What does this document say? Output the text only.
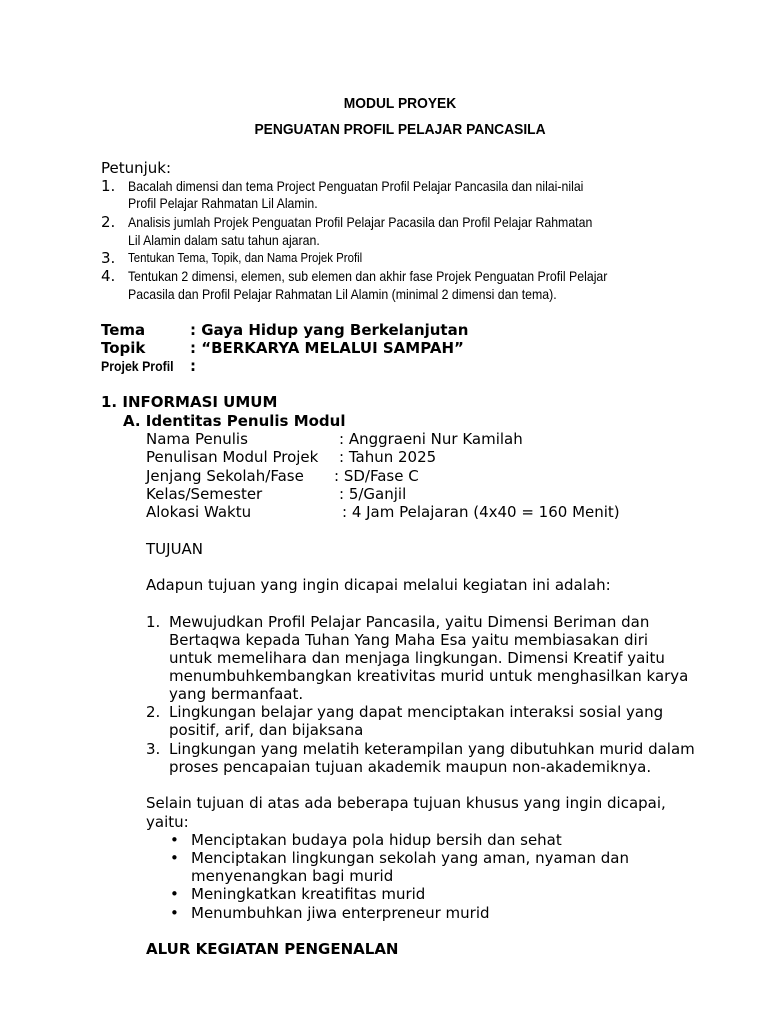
MODUL PROYEK
PENGUATAN PROFIL PELAJAR PANCASILA
Petunjuk:
1. Bacalah dimensi dan tema Project Penguatan Profil Pelajar Pancasila dan nilai-nilai
Profil Pelajar Rahmatan Lil Alamin.
2. Analisis jumlah Projek Penguatan Profil Pelajar Pacasila dan Profil Pelajar Rahmatan
Lil Alamin dalam satu tahun ajaran.
3. Tentukan Tema, Topik, dan Nama Projek Profil
4. Tentukan 2 dimensi, elemen, sub elemen dan akhir fase Projek Penguatan Profil Pelajar
Pacasila dan Profil Pelajar Rahmatan Lil Alamin (minimal 2 dimensi dan tema).
Tema	: Gaya Hidup yang Berkelanjutan
Topik	: “BERKARYA MELALUI SAMPAH”
Projek Profil :
1. INFORMASI UMUM
A. Identitas Penulis Modul
Nama Penulis	: Anggraeni Nur Kamilah
Penulisan Modul Projek : Tahun 2025
Jenjang Sekolah/Fase : SD/Fase C
Kelas/Semester	: 5/Ganjil
Alokasi Waktu	: 4 Jam Pelajaran (4x40 = 160 Menit)
TUJUAN
Adapun tujuan yang ingin dicapai melalui kegiatan ini adalah:
1. Mewujudkan Profil Pelajar Pancasila, yaitu Dimensi Beriman dan
Bertaqwa kepada Tuhan Yang Maha Esa yaitu membiasakan diri
untuk memelihara dan menjaga lingkungan. Dimensi Kreatif yaitu
menumbuhkembangkan kreativitas murid untuk menghasilkan karya
yang bermanfaat.
2. Lingkungan belajar yang dapat menciptakan interaksi sosial yang
positif, arif, dan bijaksana
3. Lingkungan yang melatih keterampilan yang dibutuhkan murid dalam
proses pencapaian tujuan akademik maupun non-akademiknya.
Selain tujuan di atas ada beberapa tujuan khusus yang ingin dicapai,
yaitu:
• Menciptakan budaya pola hidup bersih dan sehat
• Menciptakan lingkungan sekolah yang aman, nyaman dan
menyenangkan bagi murid
• Meningkatkan kreatifitas murid
• Menumbuhkan jiwa enterpreneur murid
ALUR KEGIATAN PENGENALAN
